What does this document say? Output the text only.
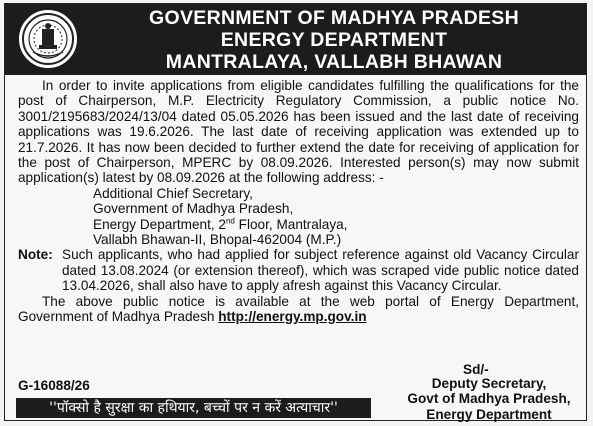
GOVERNMENT OF MADHYA PRADESH
ENERGY DEPARTMENT
MANTRALAYA, VALLABH BHAWAN

In order to invite applications from eligible candidates fulfilling the qualifications for the post of Chairperson, M.P. Electricity Regulatory Commission, a public notice No. 3001/2195683/2024/13/04 dated 05.05.2026 has been issued and the last date of receiving applications was 19.6.2026. The last date of receiving application was extended up to 21.7.2026. It has now been decided to further extend the date for receiving of application for the post of Chairperson, MPERC by 08.09.2026. Interested person(s) may now submit application(s) latest by 08.09.2026 at the following address: -

Additional Chief Secretary,
Government of Madhya Pradesh,
Energy Department, 2nd Floor, Mantralaya,
Vallabh Bhawan-II, Bhopal-462004 (M.P.)
Note: Such applicants, who had applied for subject reference against old Vacancy Circular dated 13.08.2024 (or extension thereof), which was scraped vide public notice dated 13.04.2026, shall also have to apply afresh against this Vacancy Circular.

The above public notice is available at the web portal of Energy Department, Government of Madhya Pradesh http://energy.mp.gov.in

Sd/-
G-16088/26	Deputy Secretary,
Govt of Madhya Pradesh,
Energy Department
''पॉक्सो है सुरक्षा का हथियार, बच्चों पर न करें अत्याचार''
